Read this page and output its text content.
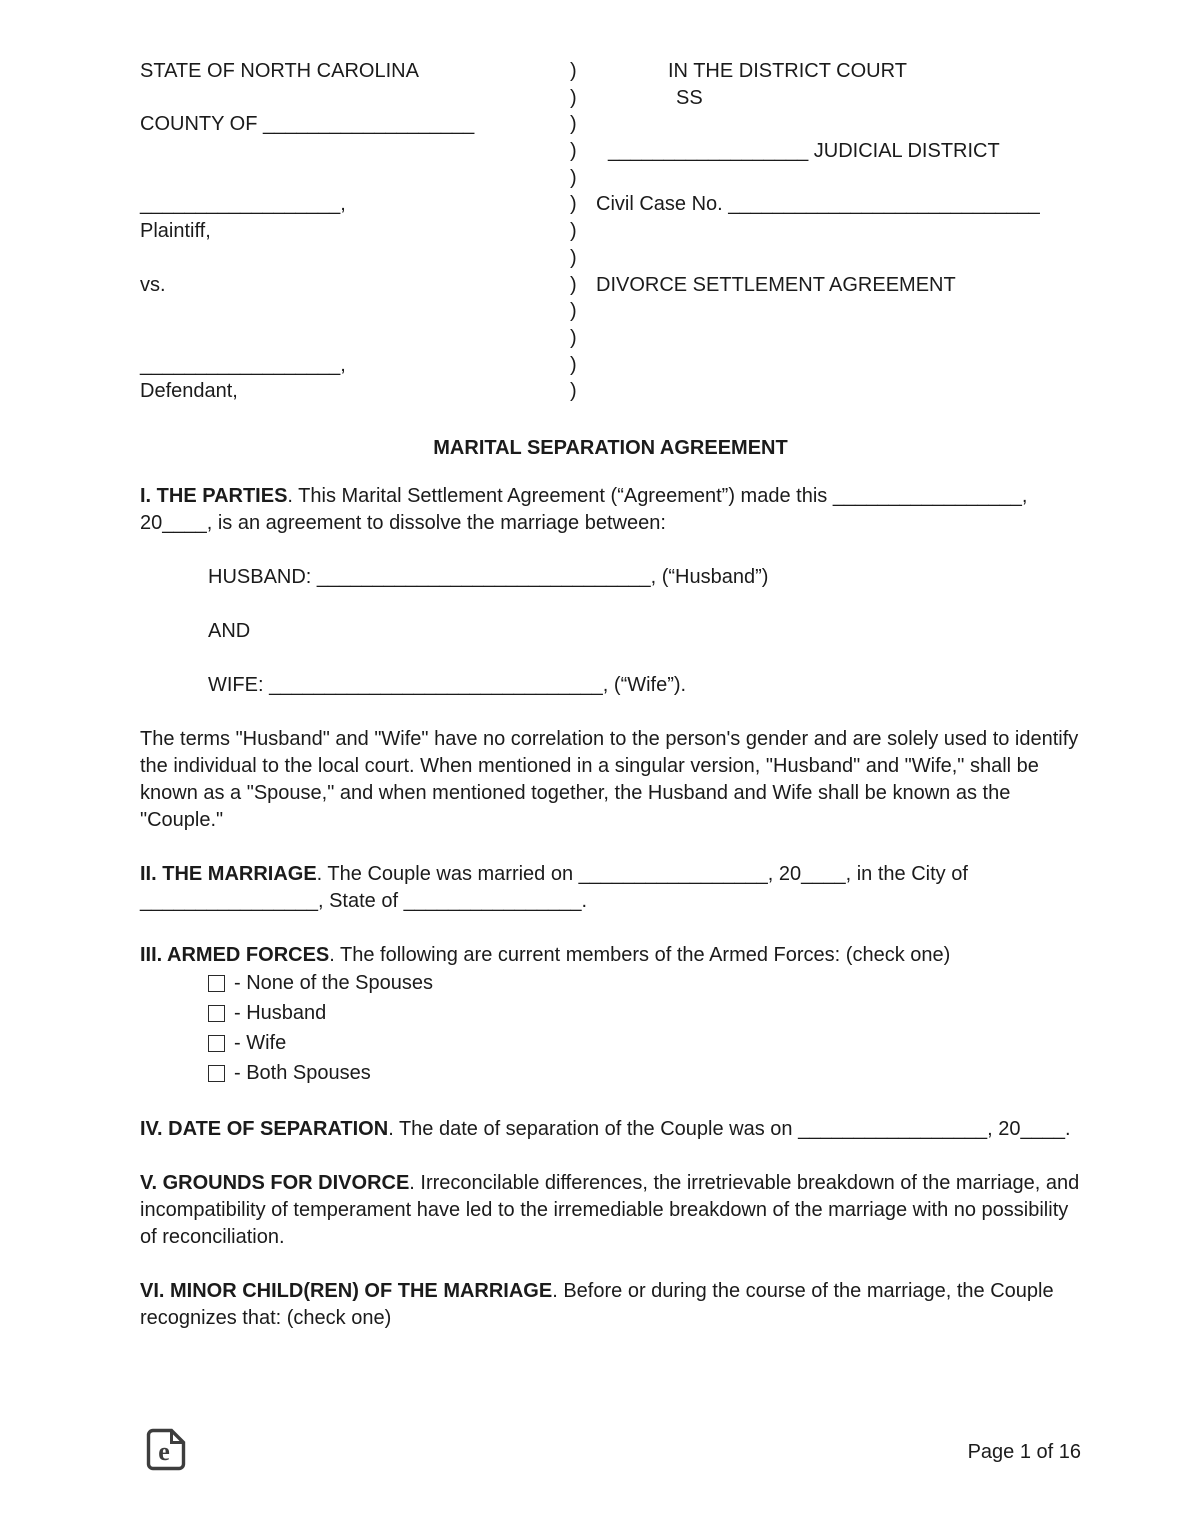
STATE OF NORTH CAROLINA	)	IN THE DISTRICT COURT
)	SS
COUNTY OF ___________________	)
)	__________________ JUDICIAL DISTRICT
)
__________________,	) Civil Case No. ____________________________
Plaintiff,	)
)
vs.	) DIVORCE SETTLEMENT AGREEMENT
)
)
__________________,	)
Defendant,	)
MARITAL SEPARATION AGREEMENT

I. THE PARTIES. This Marital Settlement Agreement (“Agreement”) made this _________________, 20____, is an agreement to dissolve the marriage between:

HUSBAND: ______________________________, (“Husband”)

AND

WIFE: ______________________________, (“Wife”).

The terms "Husband" and "Wife" have no correlation to the person's gender and are solely used to identify the individual to the local court. When mentioned in a singular version, "Husband" and "Wife," shall be known as a "Spouse," and when mentioned together, the Husband and Wife shall be known as the "Couple."

II. THE MARRIAGE. The Couple was married on _________________, 20____, in the City of ________________, State of ________________.

III. ARMED FORCES. The following are current members of the Armed Forces: (check one)

- None of the Spouses
- Husband
- Wife
- Both Spouses

IV. DATE OF SEPARATION. The date of separation of the Couple was on _________________, 20____.

V. GROUNDS FOR DIVORCE. Irreconcilable differences, the irretrievable breakdown of the marriage, and incompatibility of temperament have led to the irremediable breakdown of the marriage with no possibility of reconciliation.

VI. MINOR CHILD(REN) OF THE MARRIAGE. Before or during the course of the marriage, the Couple recognizes that: (check one)

e	Page 1 of 16
